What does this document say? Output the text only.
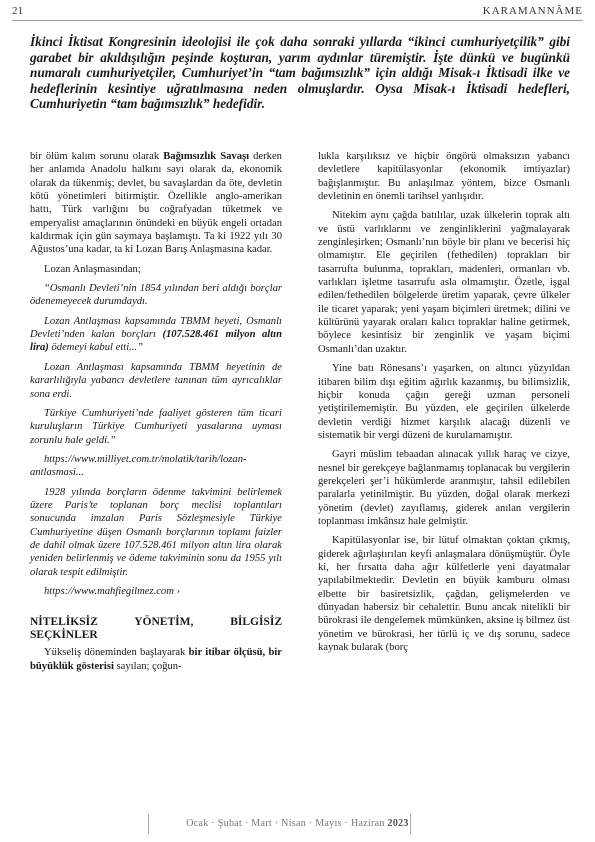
21	KARAMANNÂME

İkinci İktisat Kongresinin ideolojisi ile çok daha sonraki yıllarda “ikinci cumhuriyetçilik” gibi garabet bir akıldışılığın peşinde koşturan, yarım aydınlar türemiştir. İşte dünkü ve bugünkü numaralı cumhuriyetçiler, Cumhuriyet’in “tam bağımsızlık” için aldığı Misak-ı İktisadi ilke ve hedeflerinin kesintiye uğratılmasına neden olmuşlardır. Oysa Misak-ı İktisadi hedefleri, Cumhuriyetin “tam bağımsızlık” hedefidir.

bir ölüm kalım sorunu olarak Bağımsızlık Savaşı derken her anlamda Anadolu halkını sayı olarak da, ekonomik olarak da tükenmiş; devlet, bu savaşlardan da öte, devletin kötü yönetimleri bitirmiştir. Özellikle anglo-amerikan hattı, Türk varlığını bu coğrafyadan tüketmek ve emperyalist amaçlarının önündeki en büyük engeli ortadan kaldırmak için gün saymaya başlamıştı. Ta ki 1922 yılı 30 Ağustos’una kadar, ta ki Lozan Barış Anlaşmasına kadar.

Lozan Anlaşmasından;

“Osmanlı Devleti’nin 1854 yılından beri aldığı borçlar ödenemeyecek durumdaydı.

Lozan Antlaşması kapsamında TBMM heyeti, Osmanlı Devleti’nden kalan borçları (107.528.461 milyon altın lira) ödemeyi kabul etti...”

Lozan Antlaşması kapsamında TBMM heyetinin de kararlılığıyla yabancı devletlere tanınan tüm ayrıcalıklar sona erdi.

Türkiye Cumhuriyeti’nde faaliyet gösteren tüm ticari kuruluşların Türkiye Cumhuriyeti yasalarına uyması zorunlu hale geldi.”

https://www.milliyet.com.tr/molatik/tarih/lozan-antlasmasi...

1928 yılında borçların ödenme takvimini belirlemek üzere Paris’te toplanan borç meclisi toplantıları sonucunda imzalan Paris Sözleşmesiyle Türkiye Cumhuriyetine düşen Osmanlı borçlarının toplamı faizler de dahil olmak üzere 107.528.461 milyon altın lira olarak yeniden belirlenmiş ve ödeme takviminin sonu da 1955 yılı olarak tespit edilmiştir.

https://www.mahfiegilmez.com ›

NİTELİKSİZ YÖNETİM, BİLGİSİZ SEÇKİNLER

Yükseliş döneminden başlayarak bir itibar ölçüsü, bir büyüklük gösterisi sayılan; çoğun-

lukla karşılıksız ve hiçbir öngörü olmaksızın yabancı devletlere kapitülasyonlar (ekonomik imtiyazlar) bağışlanmıştır. Bu anlaşılmaz yöntem, bizce Osmanlı devletinin en önemli tarihsel yanlışıdır.

Nitekim aynı çağda batılılar, uzak ülkelerin toprak altı ve üstü varlıklarını ve zenginliklerini yağmalayarak zenginleşirken; Osmanlı’nın böyle bir planı ve becerisi hiç olmamıştır. Ele geçirilen (fethedilen) toprakları bir tasarrufta bulunma, toprakları, madenleri, ormanları vb. varlıkları işletme tasarrufu asla olmamıştır. Özetle, işgal edilen/fethedilen bölgelerde üretim yaparak, çevre ülkeler ile ticaret yaparak; yeni yaşam biçimleri üretmek; dilini ve kültürünü yayarak oraları kalıcı topraklar haline getirmek, böylece kesintisiz bir zenginlik ve yaşam biçimi Osmanlı’dan uzaktır.

Yine batı Rönesans’ı yaşarken, on altıncı yüzyıldan itibaren bilim dışı eğitim ağırlık kazanmış, bu bilimsizlik, hiçbir konuda çağın gereği uzman personeli yetiştirilememiştir. Bu yüzden, ele geçirilen ülkelerde devletin verdiği hizmet karşılık alacağı düzenli ve sistematik bir vergi düzeni de kurulamamıştır.

Gayri müslim tebaadan alınacak yıllık haraç ve cizye, nesnel bir gerekçeye bağlanmamış toplanacak bu vergilerin gerekçeleri şer’i hükümlerde aranmıştır, tahsil edilebilen paralarla yetinilmiştir. Bu yüzden, doğal olarak merkezi yönetim (devlet) zayıflamış, giderek anılan vergilerin toplanması imkânsız hale gelmiştir.

Kapitülasyonlar ise, bir lütuf olmaktan çoktan çıkmış, giderek ağırlaştırılan keyfi anlaşmalara dönüşmüştür. Öyle ki, her fırsatta daha ağır külfetlerle yeni dayatmalar yapılabilmektedir. Devletin en büyük kamburu olması elbette bir basiretsizlik, çağdan, gelişmelerden ve dünyadan habersiz bir cehalettir. Bunu ancak nitelikli bir bürokrasi ile dengelemek mümkünken, aksine iş bilmez üst yönetim ve bürokrasi, her türlü iç ve dış sorunu, sadece kaynak bularak (borç

Ocak · Şubat · Mart · Nisan · Mayıs · Haziran 2023
